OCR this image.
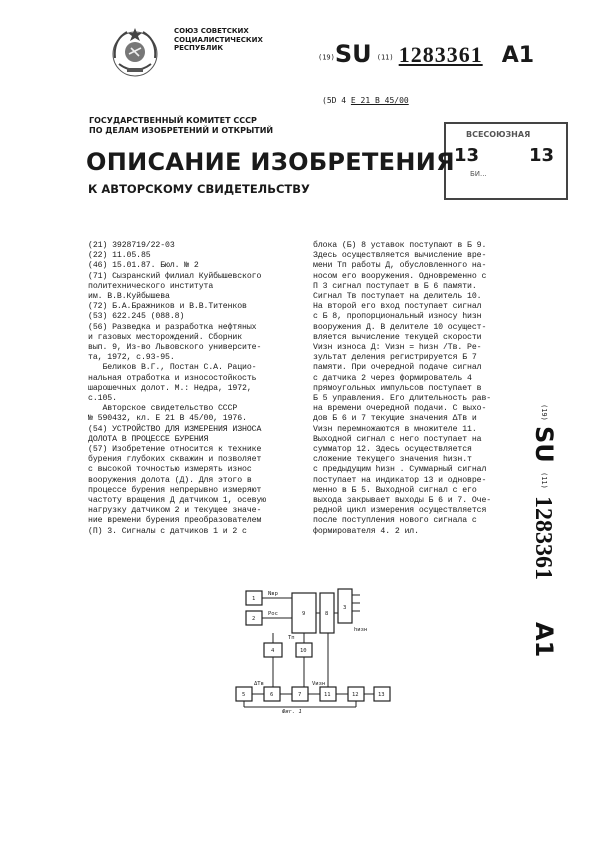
СОЮЗ СОВЕТСКИХ
СОЦИАЛИСТИЧЕСКИХ
РЕСПУБЛИК
(19)SU (11) 1283361 A1
(5D 4 E 21 B 45/00
ГОСУДАРСТВЕННЫЙ КОМИТЕТ СССР
ПО ДЕЛАМ ИЗОБРЕТЕНИЙ И ОТКРЫТИЙ	ВСЕСОЮЗНАЯ
13	13
БИ...
ОПИСАНИЕ ИЗОБРЕТЕНИЯ
К АВТОРСКОМУ СВИДЕТЕЛЬСТВУ
(21) 3928719/22-03
(22) 11.05.85
(46) 15.01.87. Бюл. № 2
(71) Сызранский филиал Куйбышевского
политехнического института
им. В.В.Куйбышева
(72) Б.А.Бражников и В.В.Титенков
(53) 622.245 (088.8)
(56) Разведка и разработка нефтяных
и газовых месторождений. Сборник
вып. 9, Из-во Львовского университе-
та, 1972, с.93-95.
Беликов В.Г., Постан С.А. Рацио-
нальная отработка и износостойкость
шарошечных долот. М.: Недра, 1972,
с.105.
Авторское свидетельство СССР
№ 590432, кл. Е 21 В 45/00, 1976.
(54) УСТРОЙСТВО ДЛЯ ИЗМЕРЕНИЯ ИЗНОСА
ДОЛОТА В ПРОЦЕССЕ БУРЕНИЯ
(57) Изобретение относится к технике
бурения глубоких скважин и позволяет
с высокой точностью измерять износ
вооружения долота (Д). Для этого в
процессе бурения непрерывно измеряют
частоту вращения Д датчиком 1, осевую
нагрузку датчиком 2 и текущее значе-
ние времени бурения преобразователем
(П) 3. Сигналы с датчиков 1 и 2 с
блока (Б) 8 уставок поступают в Б 9.
Здесь осуществляется вычисление вре-
мени Тп работы Д, обусловленного на-
носом его вооружения. Одновременно с
П 3 сигнал поступает в Б 6 памяти.
Сигнал Тв поступает на делитель 10.
На второй его вход поступает сигнал
с Б 8, пропорциональный износу hизн
вооружения Д. В делителе 10 осущест-
вляется вычисление текущей скорости
Vизн износа Д: Vизн = hизн /Тв. Ре-
зультат деления регистрируется Б 7
памяти. При очередной подаче сигнал
с датчика 2 через формирователь 4
прямоугольных импульсов поступает в
Б 5 управления. Его длительность рав-
на времени очередной подачи. С выхо-
дов Б 6 и 7 текущие значения ΔТв и
Vизн перемножаются в множителе 11.
Выходной сигнал с него поступает на
сумматор 12. Здесь осуществляется
сложение текущего значения hизн.т
с предыдущим hизн . Суммарный сигнал
поступает на индикатор 13 и одновре-
менно в Б 5. Выходной сигнал с его
выхода закрывает выходы Б 6 и 7. Оче-
редной цикл измерения осуществляется
после поступления нового сигнала с
формирователя 4. 2 ил.
(19)
SU
(11)
1283361
A1
1
2
9	8
3
Nвр
Pос
hизн
4	10
Тп
5	6	7	11	12	13
ΔТв	Vизн
Фиг. 1
